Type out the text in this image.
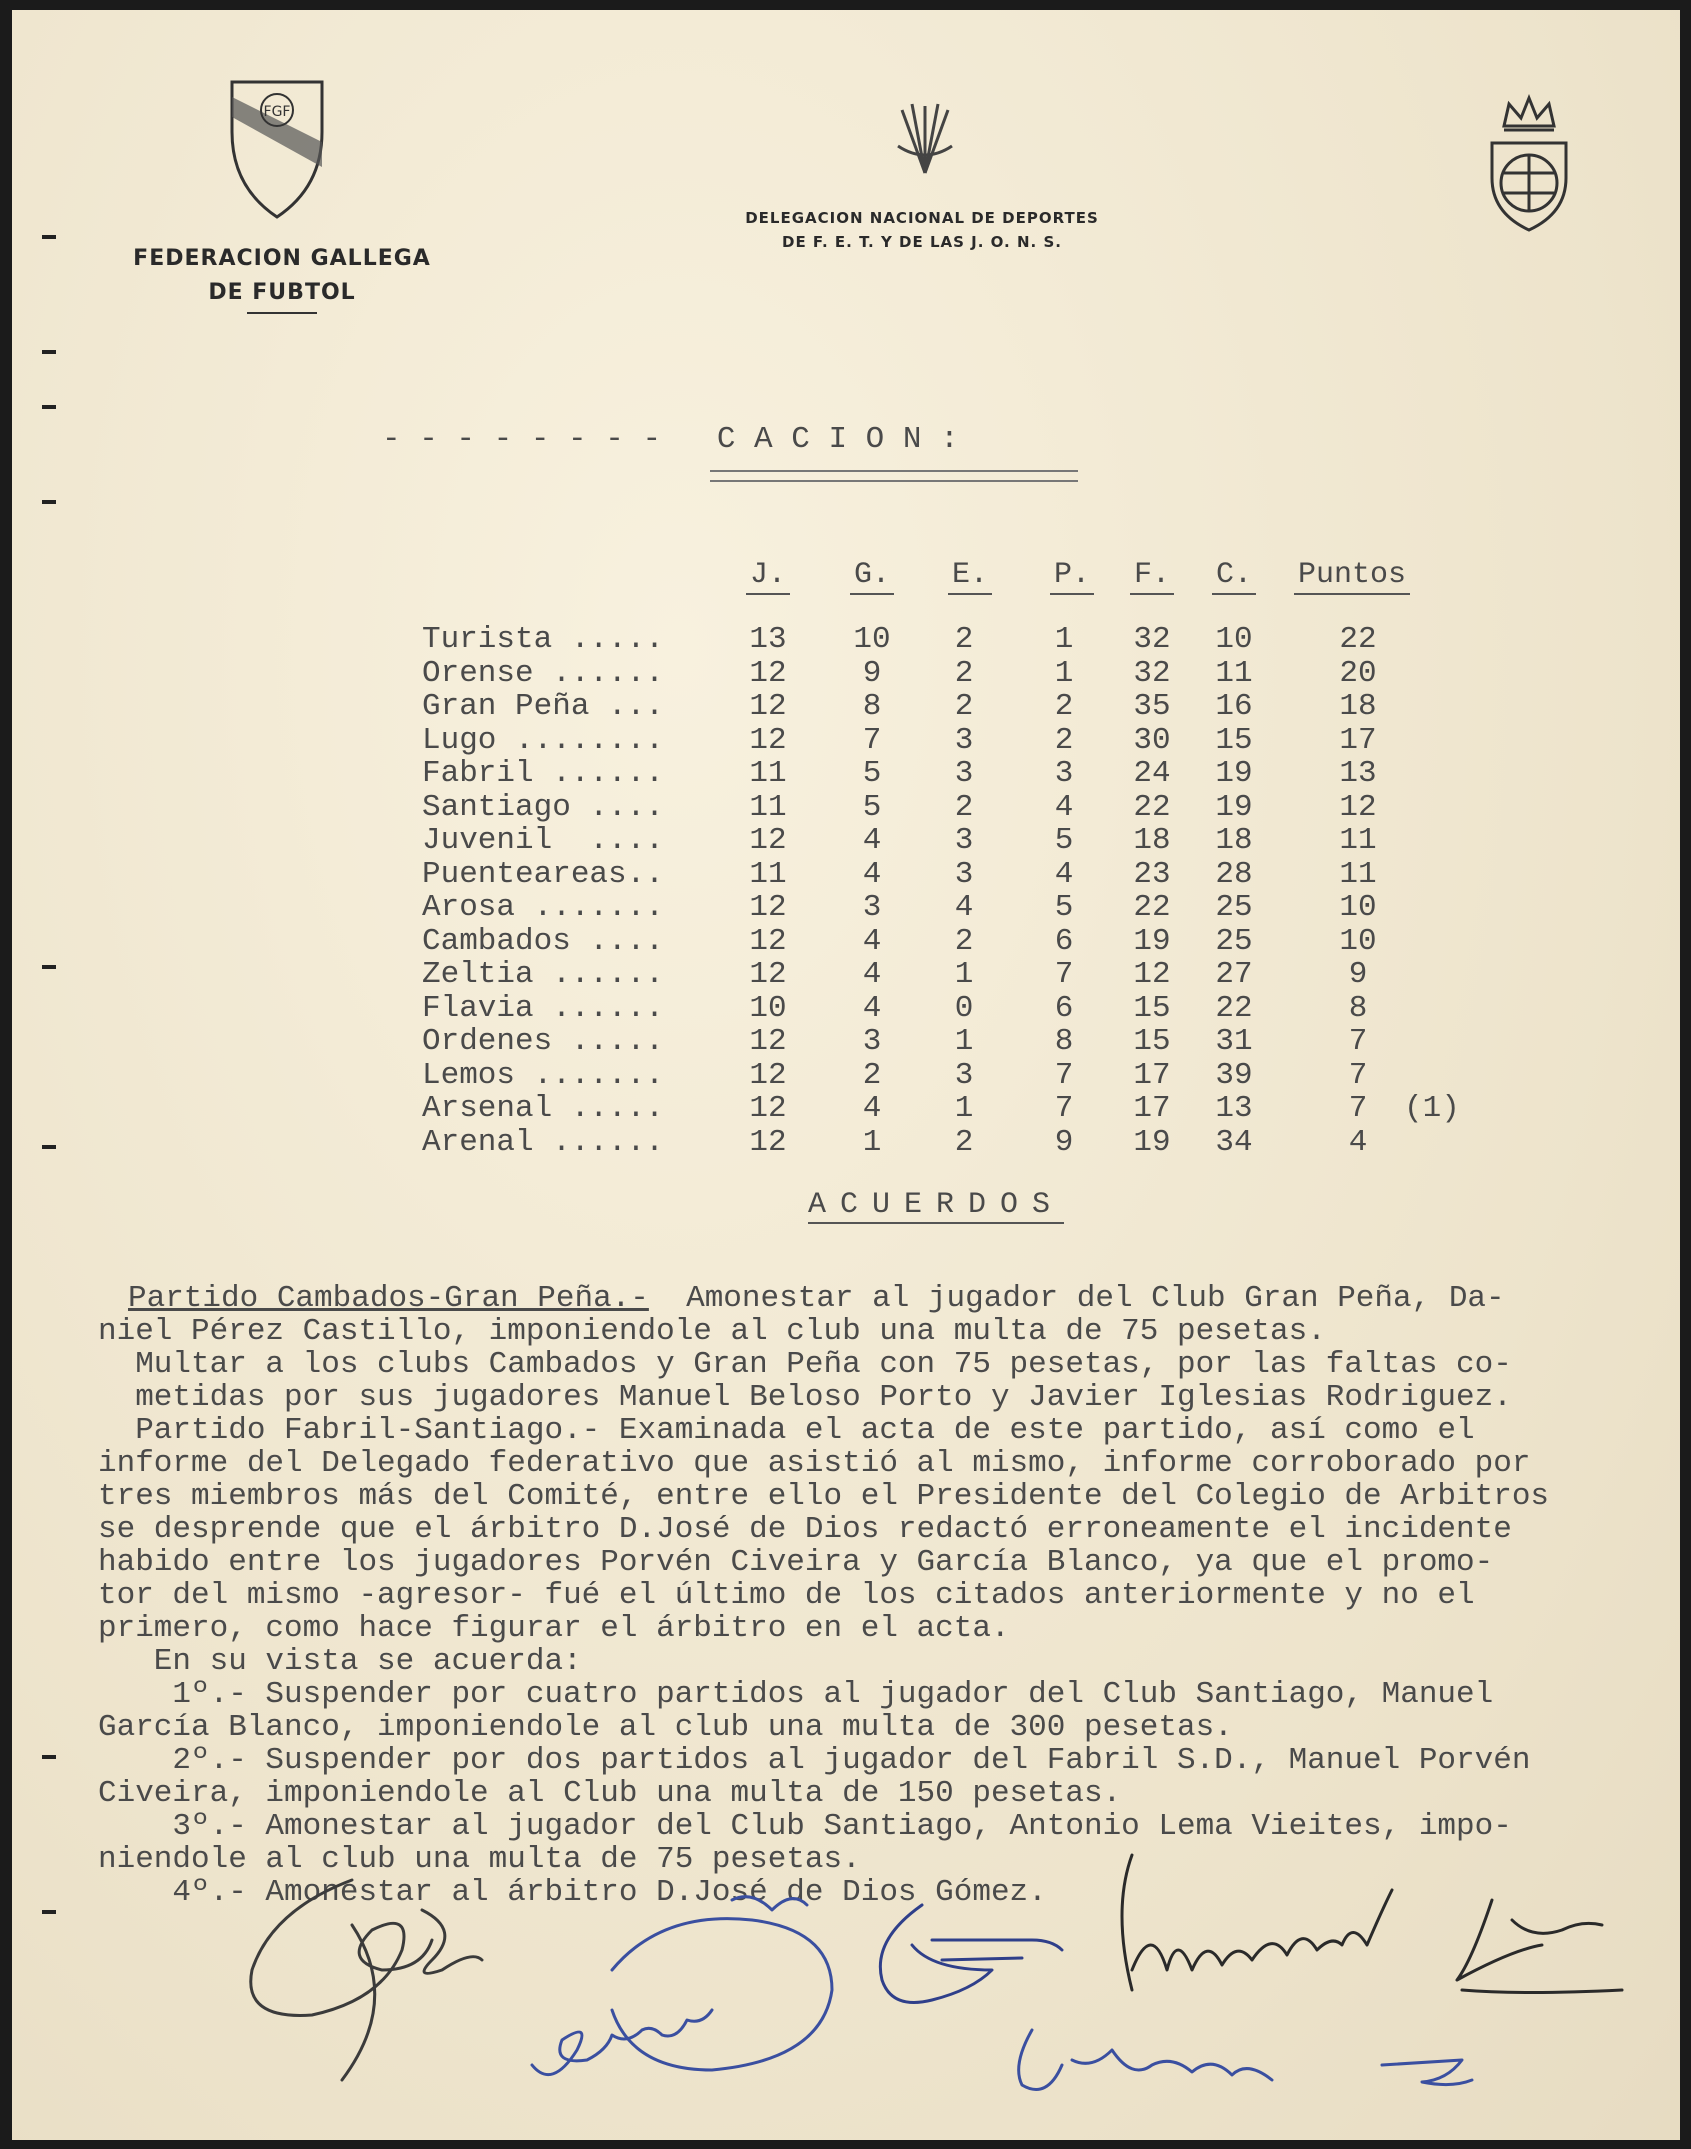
FGF
FEDERACION GALLEGA
DE FUBTOL
DELEGACION NACIONAL DE DEPORTES
DE F. E. T. Y DE LAS J. O. N. S.
- - - - - - - -   C A C I O N :
J.	G.	E.	P.	F.	C.	Puntos
Turista .....	13	10	2	1	32	10	22
Orense ......	12	9	2	1	32	11	20
Gran Peña ...	12	8	2	2	35	16	18
Lugo ........	12	7	3	2	30	15	17
Fabril ......	11	5	3	3	24	19	13
Santiago ....	11	5	2	4	22	19	12
Juvenil  ....	12	4	3	5	18	18	11
Puenteareas..	11	4	3	4	23	28	11
Arosa .......	12	3	4	5	22	25	10
Cambados ....	12	4	2	6	19	25	10
Zeltia ......	12	4	1	7	12	27	9
Flavia ......	10	4	0	6	15	22	8
Ordenes .....	12	3	1	8	15	31	7
Lemos .......	12	2	3	7	17	39	7
Arsenal .....	12	4	1	7	17	13	7	(1)
Arenal ......	12	1	2	9	19	34	4
ACUERDOS
Partido Cambados-Gran Peña.-  Amonestar al jugador del Club Gran Peña, Da-
niel Pérez Castillo, imponiendole al club una multa de 75 pesetas.
Multar a los clubs Cambados y Gran Peña con 75 pesetas, por las faltas co-
metidas por sus jugadores Manuel Beloso Porto y Javier Iglesias Rodriguez.
Partido Fabril-Santiago.- Examinada el acta de este partido, así como el
informe del Delegado federativo que asistió al mismo, informe corroborado por
tres miembros más del Comité, entre ello el Presidente del Colegio de Arbitros
se desprende que el árbitro D.José de Dios redactó erroneamente el incidente
habido entre los jugadores Porvén Civeira y García Blanco, ya que el promo-
tor del mismo -agresor- fué el último de los citados anteriormente y no el
primero, como hace figurar el árbitro en el acta.
En su vista se acuerda:
1º.- Suspender por cuatro partidos al jugador del Club Santiago, Manuel
García Blanco, imponiendole al club una multa de 300 pesetas.
2º.- Suspender por dos partidos al jugador del Fabril S.D., Manuel Porvén
Civeira, imponiendole al Club una multa de 150 pesetas.
3º.- Amonestar al jugador del Club Santiago, Antonio Lema Vieites, impo-
niendole al club una multa de 75 pesetas.
4º.- Amonestar al árbitro D.José de Dios Gómez.
